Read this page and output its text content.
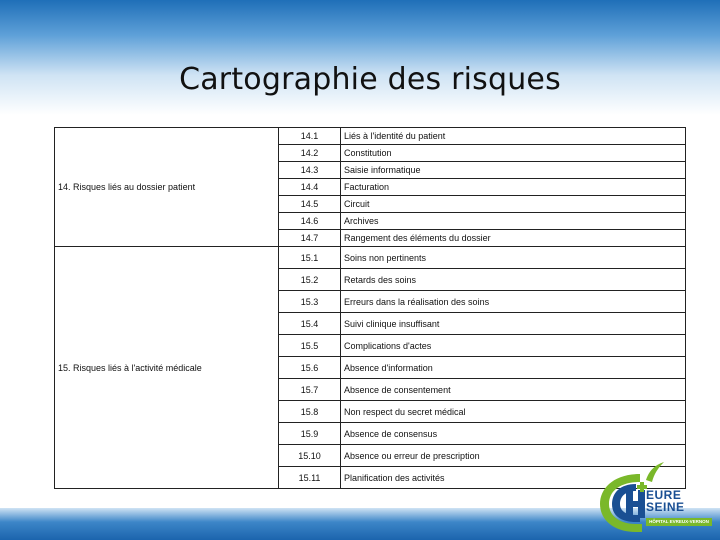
Cartographie des risques
14. Risques liés au dossier patient	14.1	Liés à l'identité du patient
	14.2	Constitution
	14.3	Saisie informatique
	14.4	Facturation
	14.5	Circuit
	14.6	Archives
	14.7	Rangement des éléments du dossier
15. Risques liés à l'activité médicale	15.1	Soins non pertinents
	15.2	Retards des soins
	15.3	Erreurs dans la réalisation des soins
	15.4	Suivi clinique insuffisant
	15.5	Complications d'actes
	15.6	Absence d'information
	15.7	Absence de consentement
	15.8	Non respect du secret médical
	15.9	Absence de consensus
	15.10	Absence ou erreur de prescription
	15.11	Planification des activités
EURE
SEINE
HÔPITAL EVREUX-VERNON
